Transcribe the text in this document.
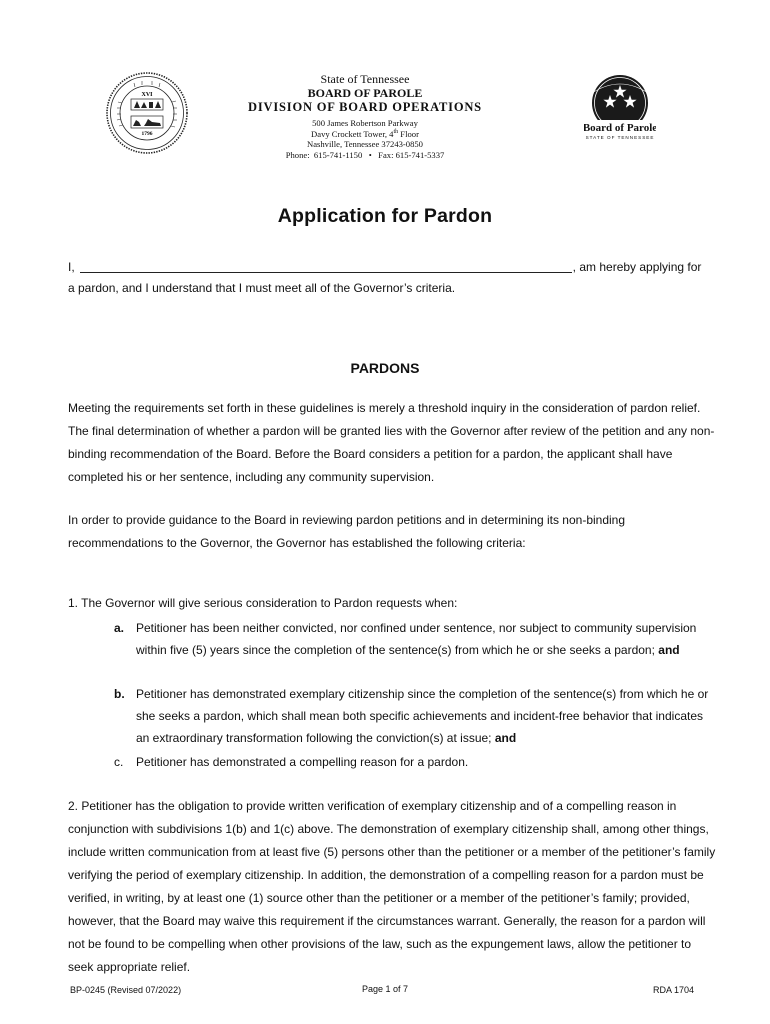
XVI
1796
State of Tennessee
BOARD OF PAROLE
DIVISION OF BOARD OPERATIONS
500 James Robertson Parkway
Davy Crockett Tower, 4th Floor
Nashville, Tennessee 37243-0850
Phone:  615-741-1150 • Fax: 615-741-5337
Board of Parole
STATE OF TENNESSEE
Application for Pardon
I,	, am hereby applying for
a pardon, and I understand that I must meet all of the Governor’s criteria.
PARDONS
Meeting the requirements set forth in these guidelines is merely a threshold inquiry in the consideration of pardon relief. The final determination of whether a pardon will be granted lies with the Governor after review of the petition and any non-binding recommendation of the Board. Before the Board considers a petition for a pardon, the applicant shall have completed his or her sentence, including any community supervision.
In order to provide guidance to the Board in reviewing pardon petitions and in determining its non-binding recommendations to the Governor, the Governor has established the following criteria:
1. The Governor will give serious consideration to Pardon requests when:
a. Petitioner has been neither convicted, nor confined under sentence, nor subject to community supervision within five (5) years since the completion of the sentence(s) from which he or she seeks a pardon; and
b. Petitioner has demonstrated exemplary citizenship since the completion of the sentence(s) from which he or she seeks a pardon, which shall mean both specific achievements and incident-free behavior that indicates an extraordinary transformation following the conviction(s) at issue; and
c.	Petitioner has demonstrated a compelling reason for a pardon.
2. Petitioner has the obligation to provide written verification of exemplary citizenship and of a compelling reason in conjunction with subdivisions 1(b) and 1(c) above. The demonstration of exemplary citizenship shall, among other things, include written communication from at least five (5) persons other than the petitioner or a member of the petitioner’s family verifying the period of exemplary citizenship. In addition, the demonstration of a compelling reason for a pardon must be verified, in writing, by at least one (1) source other than the petitioner or a member of the petitioner’s family; provided, however, that the Board may waive this requirement if the circumstances warrant. Generally, the reason for a pardon will not be found to be compelling when other provisions of the law, such as the expungement laws, allow the petitioner to seek appropriate relief.
BP-0245 (Revised 07/2022)	Page 1 of 7	RDA 1704
